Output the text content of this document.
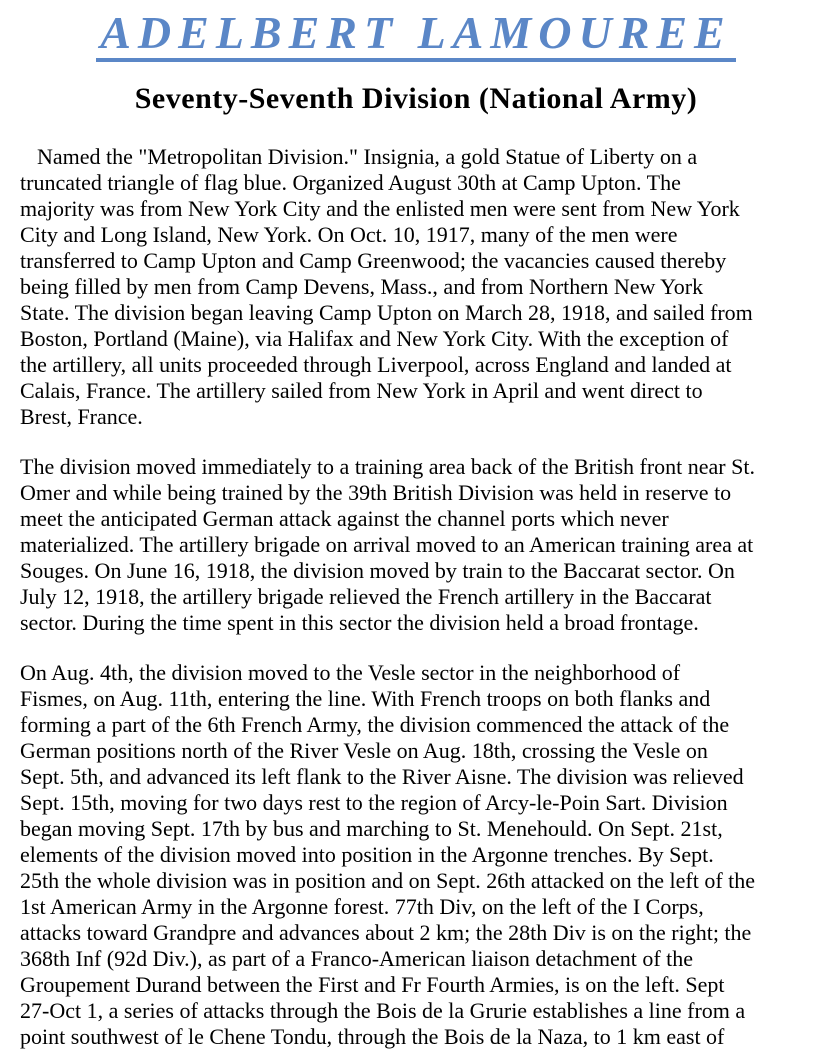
ADELBERT LAMOUREE
Seventy-Seventh Division (National Army)

Named the "Metropolitan Division." Insignia, a gold Statue of Liberty on a
truncated triangle of flag blue. Organized August 30th at Camp Upton. The
majority was from New York City and the enlisted men were sent from New York
City and Long Island, New York. On Oct. 10, 1917, many of the men were
transferred to Camp Upton and Camp Greenwood; the vacancies caused thereby
being filled by men from Camp Devens, Mass., and from Northern New York
State. The division began leaving Camp Upton on March 28, 1918, and sailed from
Boston, Portland (Maine), via Halifax and New York City. With the exception of
the artillery, all units proceeded through Liverpool, across England and landed at
Calais, France. The artillery sailed from New York in April and went direct to
Brest, France.

The division moved immediately to a training area back of the British front near St.
Omer and while being trained by the 39th British Division was held in reserve to
meet the anticipated German attack against the channel ports which never
materialized. The artillery brigade on arrival moved to an American training area at
Souges. On June 16, 1918, the division moved by train to the Baccarat sector. On
July 12, 1918, the artillery brigade relieved the French artillery in the Baccarat
sector. During the time spent in this sector the division held a broad frontage.

On Aug. 4th, the division moved to the Vesle sector in the neighborhood of
Fismes, on Aug. 11th, entering the line. With French troops on both flanks and
forming a part of the 6th French Army, the division commenced the attack of the
German positions north of the River Vesle on Aug. 18th, crossing the Vesle on
Sept. 5th, and advanced its left flank to the River Aisne. The division was relieved
Sept. 15th, moving for two days rest to the region of Arcy-le-Poin Sart. Division
began moving Sept. 17th by bus and marching to St. Menehould. On Sept. 21st,
elements of the division moved into position in the Argonne trenches. By Sept.
25th the whole division was in position and on Sept. 26th attacked on the left of the
1st American Army in the Argonne forest. 77th Div, on the left of the I Corps,
attacks toward Grandpre and advances about 2 km; the 28th Div is on the right; the
368th Inf (92d Div.), as part of a Franco-American liaison detachment of the
Groupement Durand between the First and Fr Fourth Armies, is on the left. Sept
27-Oct 1, a series of attacks through the Bois de la Grurie establishes a line from a
point southwest of le Chene Tondu, through the Bois de la Naza, to 1 km east of
